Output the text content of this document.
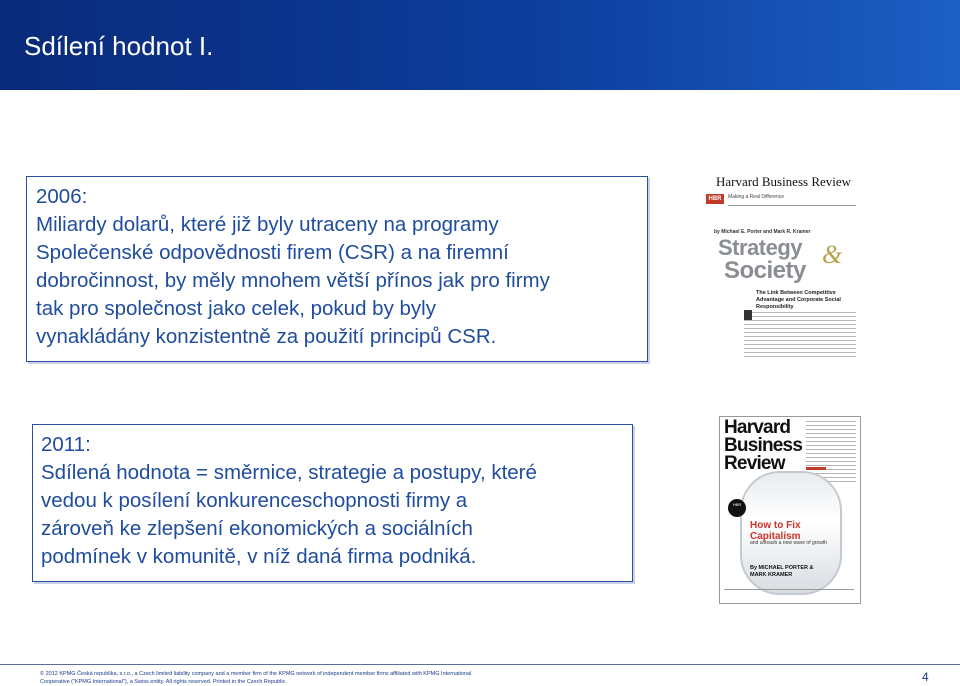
Sdílení hodnot I.
2006:
Miliardy dolarů, které již byly utraceny na programy
Společenské odpovědnosti firem (CSR) a na firemní
dobročinnost, by měly mnohem větší přínos jak pro firmy
tak pro společnost jako celek, pokud by byly
vynakládány konzistentně za použití principů CSR.
Harvard Business Review
HBR	Making a Real Difference
by Michael E. Porter and Mark R. Kramer
Strategy &
Society
The Link Between Competitive Advantage and Corporate Social Responsibility
2011:
Sdílená hodnota = směrnice, strategie a postupy, které
vedou k posílení konkurenceschopnosti firmy a
zároveň ke zlepšení ekonomických a sociálních
podmínek v komunitě, v níž daná firma podniká.
Harvard Business Review
HBR
How to Fix Capitalism
and unleash a new wave of growth
By MICHAEL PORTER & MARK KRAMER
© 2012 KPMG Česká republika, s.r.o., a Czech limited liability company and a member firm of the KPMG network of independent member firms affiliated with KPMG International
Cooperative ("KPMG International"), a Swiss entity. All rights reserved. Printed in the Czech Republic.	4
